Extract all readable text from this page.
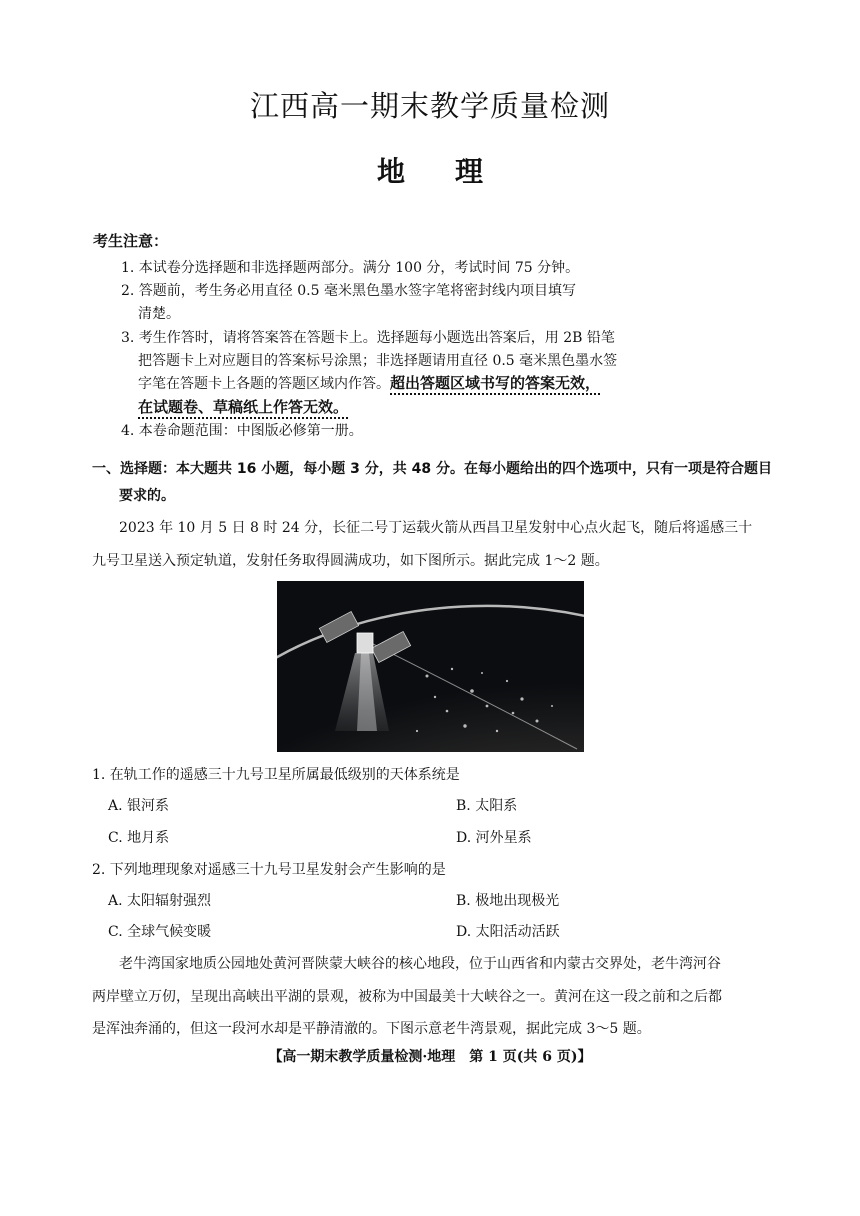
江西高一期末教学质量检测
地理
考生注意：
1. 本试卷分选择题和非选择题两部分。满分 100 分，考试时间 75 分钟。
2. 答题前，考生务必用直径 0.5 毫米黑色墨水签字笔将密封线内项目填写
清楚。
3. 考生作答时，请将答案答在答题卡上。选择题每小题选出答案后，用 2B 铅笔
把答题卡上对应题目的答案标号涂黑；非选择题请用直径 0.5 毫米黑色墨水签
字笔在答题卡上各题的答题区域内作答。超出答题区域书写的答案无效，
在试题卷、草稿纸上作答无效。
4. 本卷命题范围：中图版必修第一册。
一、选择题：本大题共 16 小题，每小题 3 分，共 48 分。在每小题给出的四个选项中，只有一项是符合题目
要求的。
2023 年 10 月 5 日 8 时 24 分，长征二号丁运载火箭从西昌卫星发射中心点火起飞，随后将遥感三十
九号卫星送入预定轨道，发射任务取得圆满成功，如下图所示。据此完成 1～2 题。
1. 在轨工作的遥感三十九号卫星所属最低级别的天体系统是
A. 银河系	B. 太阳系
C. 地月系	D. 河外星系
2. 下列地理现象对遥感三十九号卫星发射会产生影响的是
A. 太阳辐射强烈	B. 极地出现极光
C. 全球气候变暖	D. 太阳活动活跃
老牛湾国家地质公园地处黄河晋陕蒙大峡谷的核心地段，位于山西省和内蒙古交界处，老牛湾河谷
两岸壁立万仞，呈现出高峡出平湖的景观，被称为中国最美十大峡谷之一。黄河在这一段之前和之后都
是浑浊奔涌的，但这一段河水却是平静清澈的。下图示意老牛湾景观，据此完成 3～5 题。
【高一期末教学质量检测·地理　第 1 页(共 6 页)】
